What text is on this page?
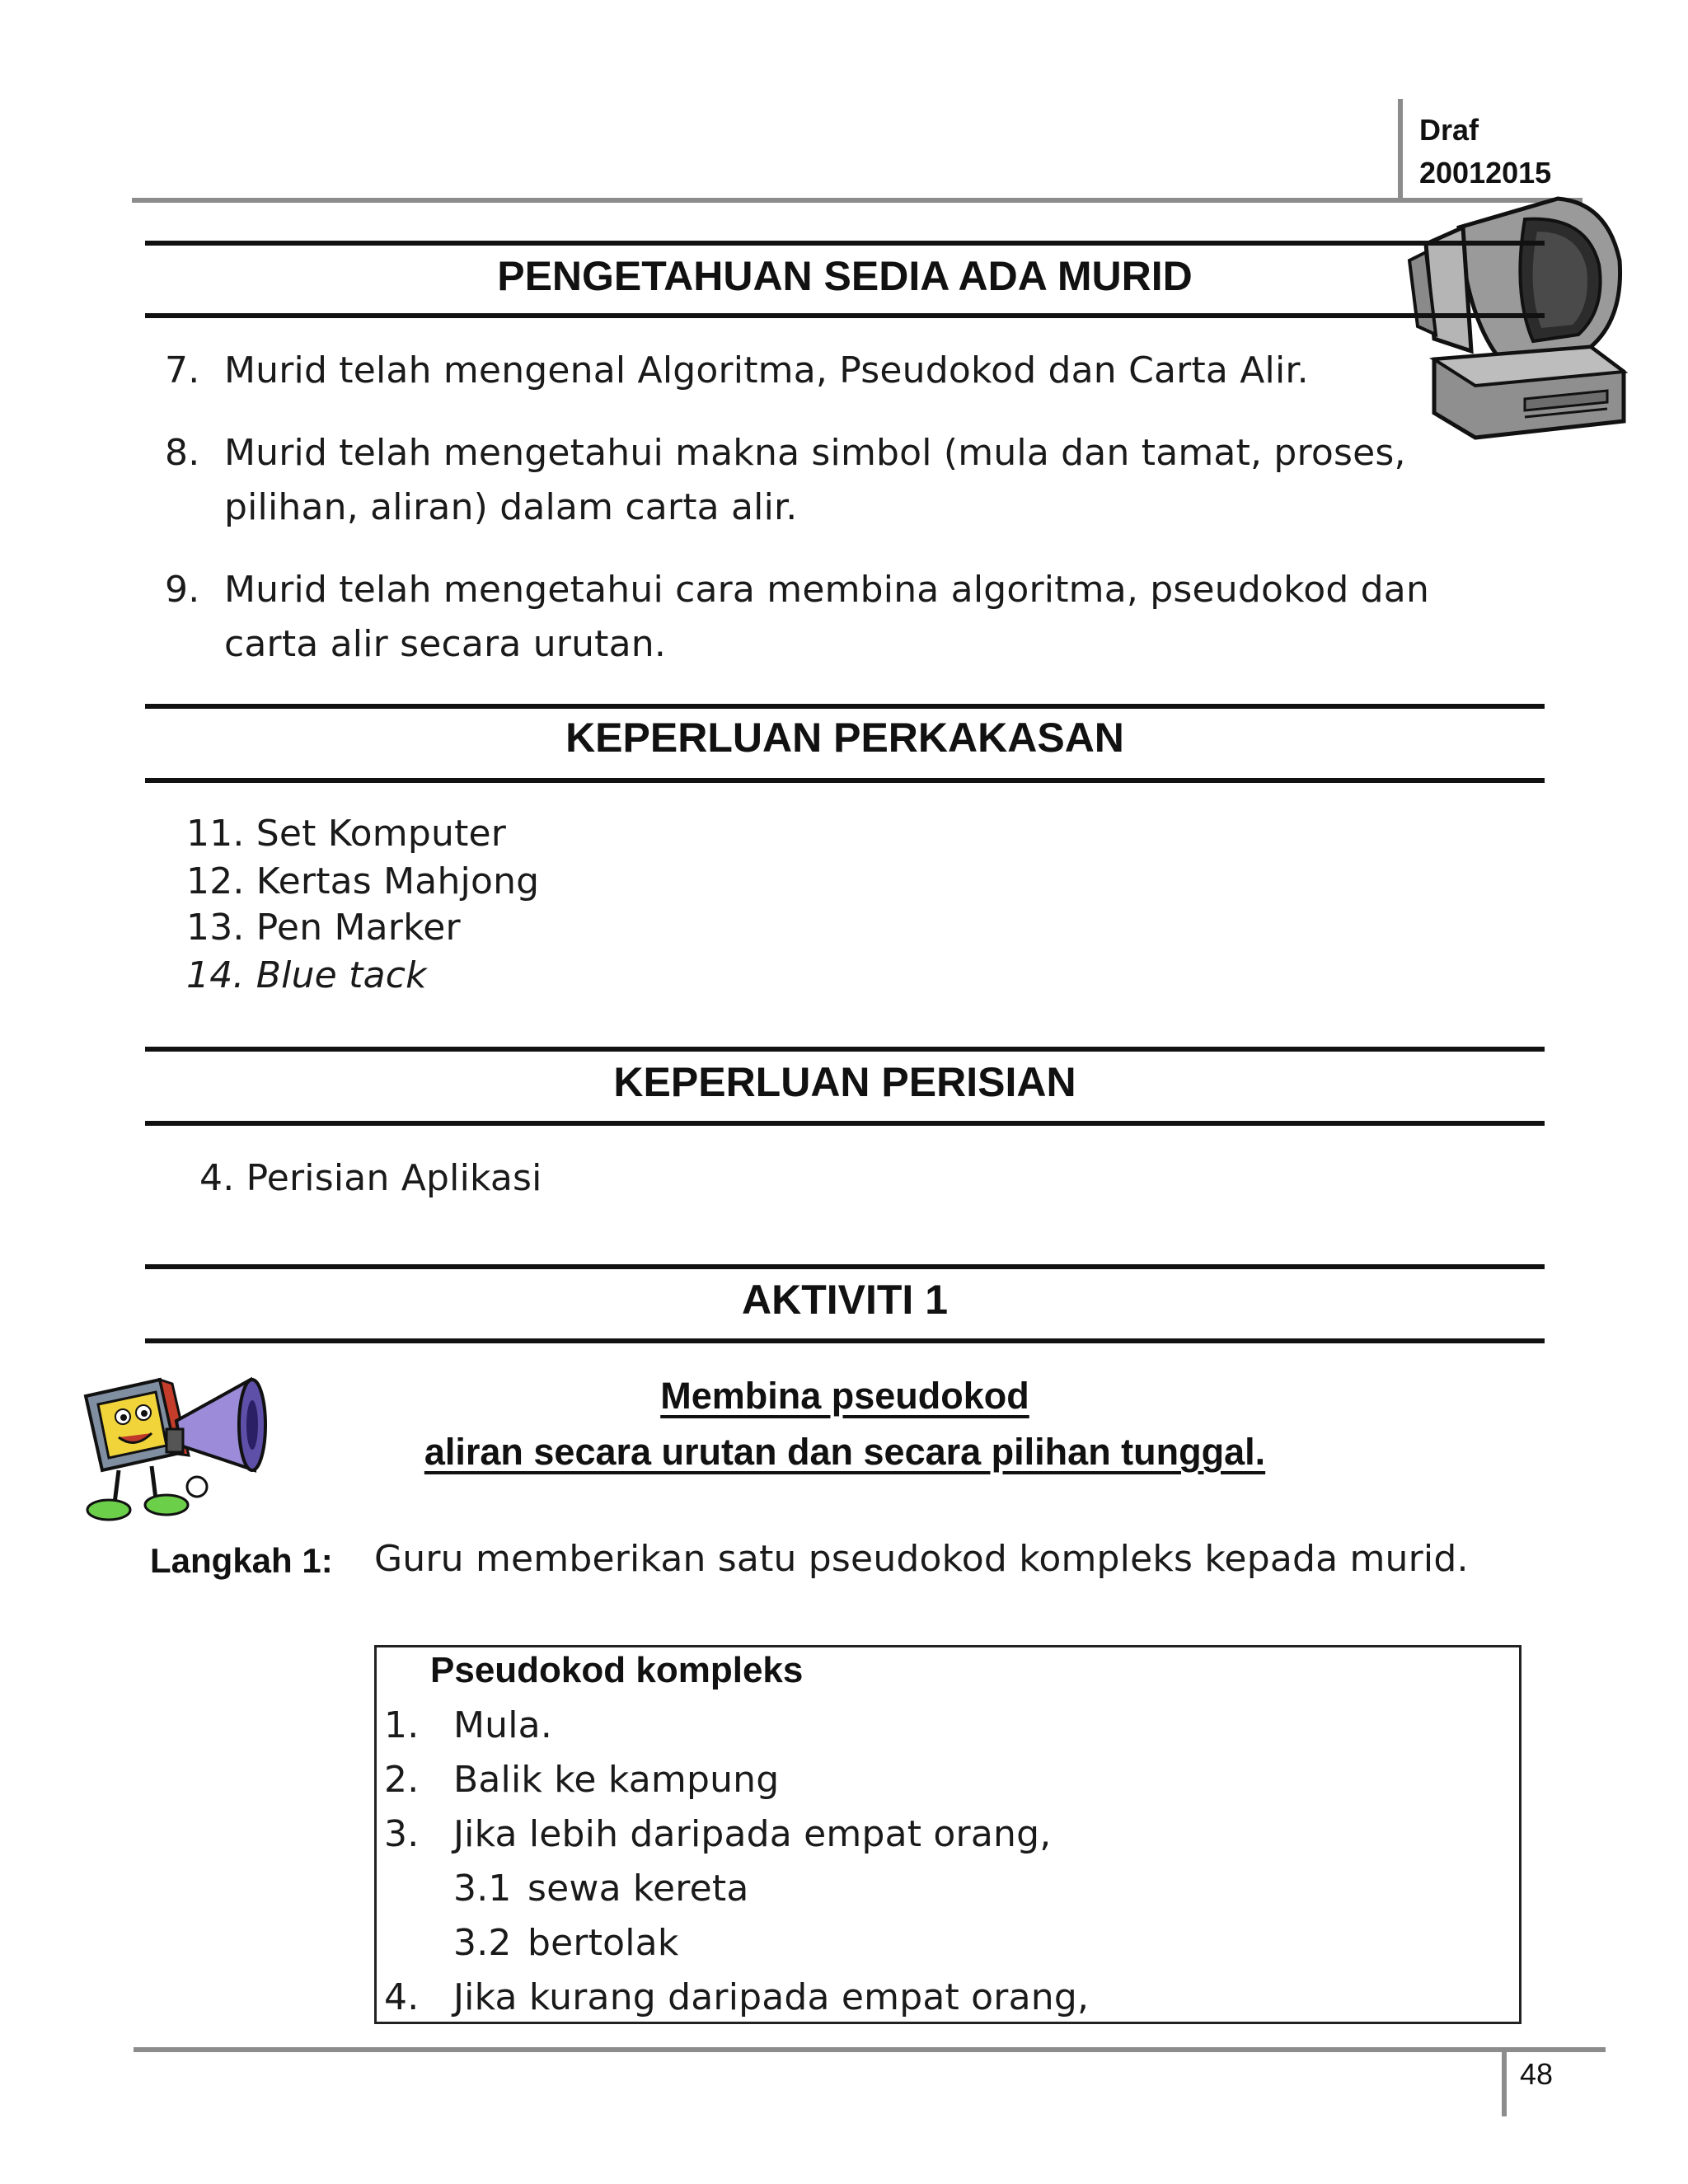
Draf
20012015
PENGETAHUAN SEDIA ADA MURID
7. Murid telah mengenal Algoritma, Pseudokod dan Carta Alir.
8. Murid telah mengetahui makna simbol (mula dan tamat, proses,
pilihan, aliran) dalam carta alir.
9. Murid telah mengetahui cara membina algoritma, pseudokod dan
carta alir secara urutan.
KEPERLUAN PERKAKASAN
11. Set Komputer
12. Kertas Mahjong
13. Pen Marker
14. Blue tack
KEPERLUAN PERISIAN
4. Perisian Aplikasi
AKTIVITI 1
Membina pseudokod
aliran secara urutan dan secara pilihan tunggal.
Langkah 1: Guru memberikan satu pseudokod kompleks kepada murid.
Pseudokod kompleks
1. Mula.
2. Balik ke kampung
3. Jika lebih daripada empat orang,
3.1 sewa kereta
3.2 bertolak
4. Jika kurang daripada empat orang,
48
